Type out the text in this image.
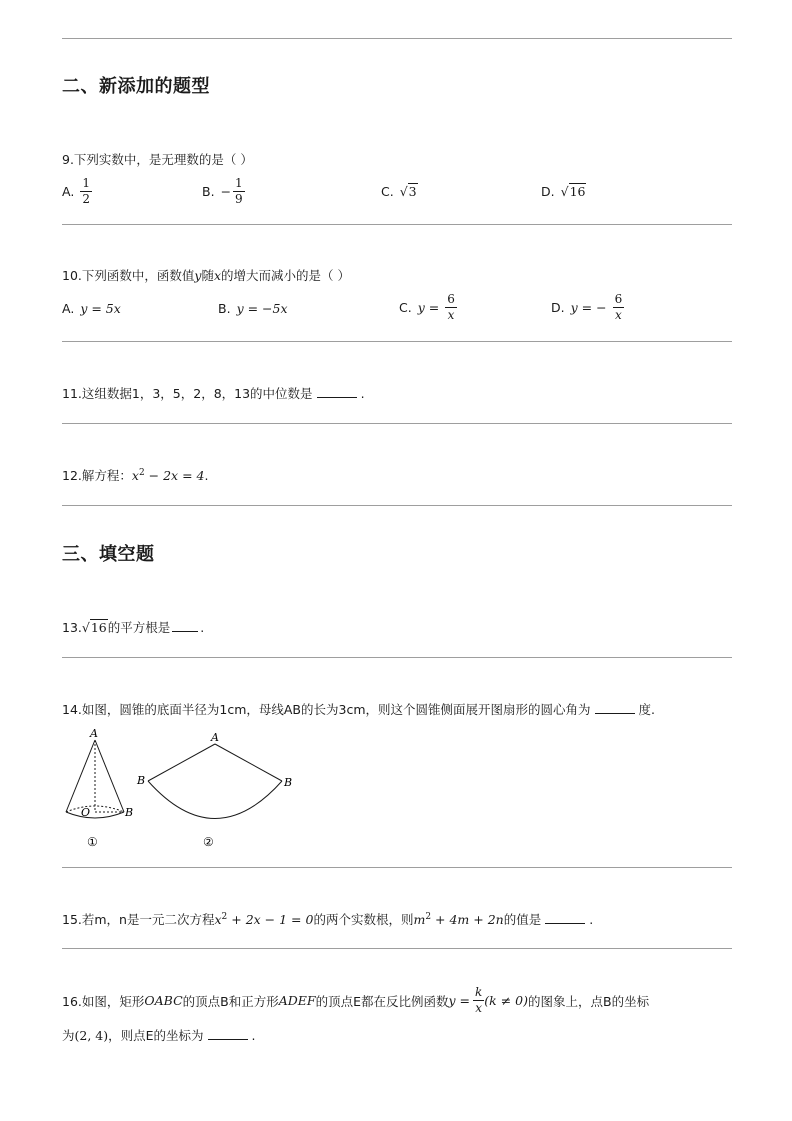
二、新添加的题型
9.下列实数中，是无理数的是（ ）
A. $\frac{1}{2}$	B. − $\frac{1}{9}$	C. √3	D. √16
10.下列函数中，函数值y随x的增大而减小的是（ ）
A. y = 5x	B. y = −5x	C. $y = \frac{6}{x}$	D. y = − $\frac{6}{x}$
11.这组数据1，3，5，2，8，13的中位数是	.
12.解方程：$x^2 - 2x = 4$.
三、填空题
13.√16的平方根是 .
14.如图，圆锥的底面半径为1cm，母线AB的长为3cm，则这个圆锥侧面展开图扇形的圆心角为	度.
A
O	B
①
A
B	B
②
15.若m，n是一元二次方程$x^2 + 2x - 1 = 0$的两个实数根，则$m^2 + 4m + 2n$的值是	.
16.如图，矩形 OABC 的顶点B和正方形 ADEF 的顶点E都在反比例函数 $y = \frac{k}{x} (k \ne 0)$ 的图象上，点B的坐标
为(2, 4)，则点E的坐标为	.
